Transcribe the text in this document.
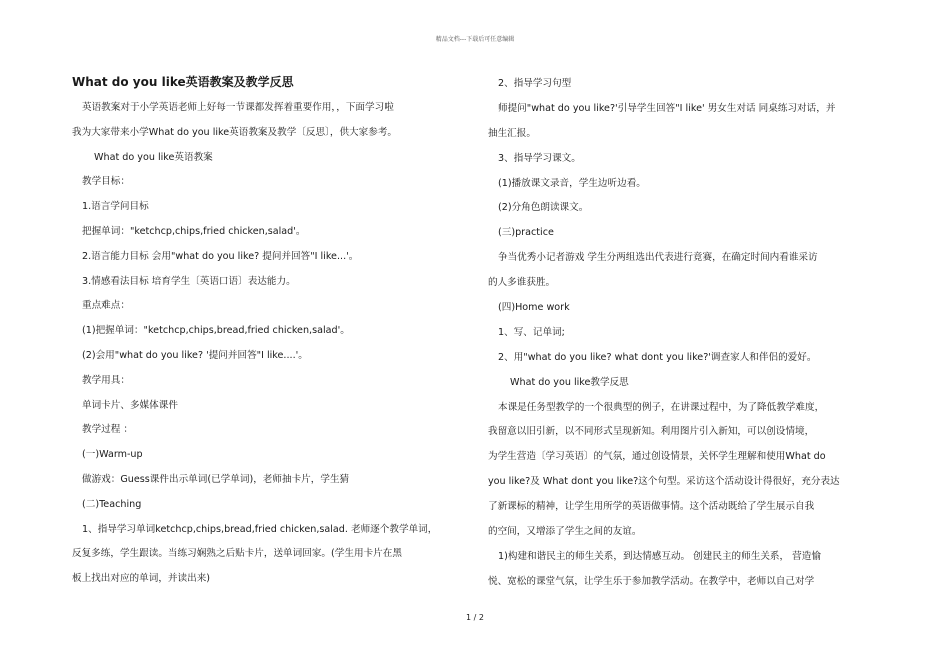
精品文档---下载后可任意编辑
What do you like英语教案及教学反思
英语教案对于小学英语老师上好每一节课都发挥着重要作用，，下面学习啦
我为大家带来小学What do you like英语教案及教学〔反思〕，供大家参考。
What do you like英语教案
教学目标：
1.语言学问目标
把握单词："ketchcp,chips,fried chicken,salad'。
2.语言能力目标 会用"what do you like? 提问并回答"I like...'。
3.情感看法目标 培育学生〔英语口语〕表达能力。
重点难点：
(1)把握单词："ketchcp,chips,bread,fried chicken,salad'。
(2)会用"what do you like? '提问并回答"I like....'。
教学用具：
单词卡片、多媒体课件
教学过程 ：
(一)Warm-up
做游戏：Guess课件出示单词(已学单词)，老师抽卡片，学生猜
(二)Teaching
1、指导学习单词ketchcp,chips,bread,fried chicken,salad. 老师逐个教学单词，
反复多练，学生跟读。当练习娴熟之后贴卡片，送单词回家。(学生用卡片在黑
板上找出对应的单词，并读出来)
2、指导学习句型
师提问"what do you like?'引导学生回答"I like' 男女生对话 同桌练习对话，并
抽生汇报。
3、指导学习课文。
(1)播放课文录音，学生边听边看。
(2)分角色朗读课文。
(三)practice
争当优秀小记者游戏 学生分两组选出代表进行竟赛，在确定时间内看谁采访
的人多谁获胜。
(四)Home work
1、写、记单词;
2、用"what do you like? what dont you like?'调查家人和伴侣的爱好。
What do you like教学反思
本课是任务型教学的一个很典型的例子，在讲课过程中，为了降低教学难度，
我留意以旧引新，以不同形式呈现新知。利用图片引入新知，可以创设情境，
为学生营造〔学习英语〕的气氛，通过创设情景，关怀学生理解和使用What do
you like?及 What dont you like?这个句型。采访这个活动设计得很好，充分表达
了新课标的精神，让学生用所学的英语做事情。这个活动既给了学生展示自我
的空间，又增添了学生之间的友谊。
1)构建和谐民主的师生关系，到达情感互动。 创建民主的师生关系， 营造愉
悦、宽松的课堂气氛，让学生乐于参加教学活动。在教学中，老师以自己对学
1 / 2
